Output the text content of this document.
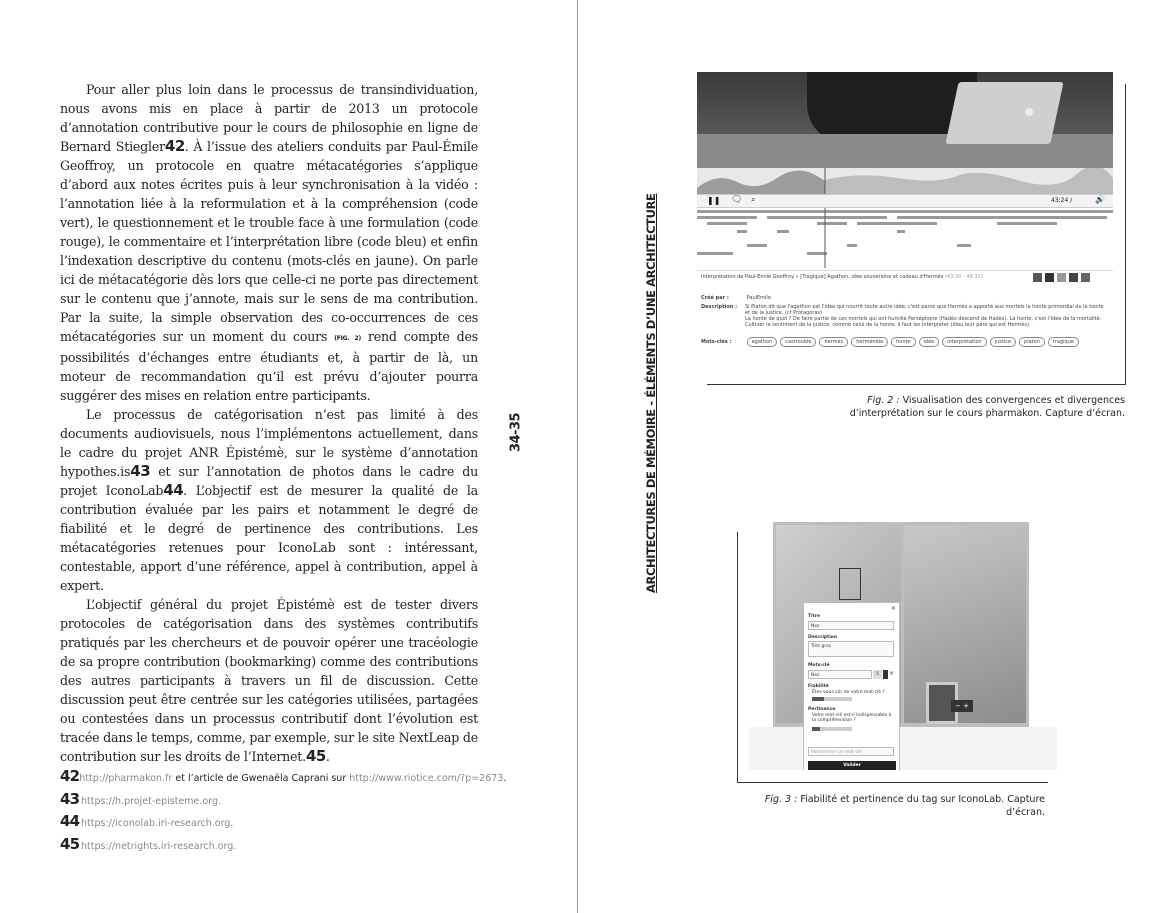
Pour aller plus loin dans le processus de transindividuation, nous avons mis en place à partir de 2013 un protocole d’annotation contributive pour le cours de philosophie en ligne de Bernard Stiegler42. À l’issue des ateliers conduits par Paul-Émile Geoffroy, un protocole en quatre métacatégories s’applique d’abord aux notes écrites puis à leur synchronisation à la vidéo : l’annotation liée à la reformulation et à la compréhension (code vert), le questionnement et le trouble face à une formulation (code rouge), le commentaire et l’interprétation libre (code bleu) et enfin l’indexation descriptive du contenu (mots-clés en jaune). On parle ici de métacatégorie dès lors que celle-ci ne porte pas directement sur le contenu que j’annote, mais sur le sens de ma contribution. Par la suite, la simple observation des co-occurrences de ces métacatégories sur un moment du cours (FIG. 2) rend compte des possibilités d’échanges entre étudiants et, à partir de là, un moteur de recommandation qu’il est prévu d’ajouter pourra suggérer des mises en relation entre participants.

Le processus de catégorisation n’est pas limité à des documents audiovisuels, nous l’implémentons actuellement, dans le cadre du projet ANR Épistémè, sur le système d’annotation hypothes.is43 et sur l’annotation de photos dans le cadre du projet IconoLab44. L’objectif est de mesurer la qualité de la contribution évaluée par les pairs et notamment le degré de fiabilité et le degré de pertinence des contributions. Les métacatégories retenues pour IconoLab sont : intéressant, contestable, apport d’une référence, appel à contribution, appel à expert.

L’objectif général du projet Épistémè est de tester divers protocoles de catégorisation dans des systèmes contributifs pratiqués par les chercheurs et de pouvoir opérer une tracéologie de sa propre contribution (bookmarking) comme des contributions des autres participants à travers un fil de discussion. Cette discussion peut être centrée sur les catégories utilisées, partagées ou contestées dans un processus contributif dont l’évolution est tracée dans le temps, comme, par exemple, sur le site NextLeap de contribution sur les droits de l’Internet.45.

42 http://pharmakon.fr et l’article de Gwenaëla Caprani sur http://www.riotice.com/?p=2673 .
43 https://h.projet-episteme.org .
44 https://iconolab.iri-research.org .
45 https://netrights.iri-research.org .
34-35	ARCHITECTURES DE MÉMOIRE - ÉLÉMENTS D’UNE ARCHITECTURE	❚❚ 🗨 ⌕	43:24 /	🔊
Interprétation de Paul-Emile Geoffroy » [Tragique] Agathon, idée souveraine et cadeau d'Hermès (43:20 - 49:31)
Créé par :	PaulEmile
Description :	Si Platon dit que l'agathon est l'idée qui nourrit toute autre idée, c'est parce que Hermès a apporté aux mortels la honte primordial de la honte et de la justice. (cf Protagoras)
La honte de quoi ? De faire partie de ces mortels qui ont humilié Perséphone (Hadès descend de Hadès). La honte, c'est l'idée de la mortalité.
Cultiver le sentiment de la justice, comme celui de la honte, il faut les interpréter (dieu leur père qui est Hermès).
Mots-clés :	agathon	castroubie	hermès	herménéia	honte	idée	interprétation	justice	platon	tragique
Fig. 2 : Visualisation des convergences et divergences
d’interprétation sur le cours pharmakon. Capture d’écran.
− +
×
Titre
Nez
Description
Trèz gros
Mots-clé
Nez	5	×
Fiabilité
Êtes-vous sûr de votre mot-clé ?
Pertinence
Votre mot-clé est-il indispensable à la compréhension ?
Rechercher un mot-clé
Valider
Fig. 3 : Fiabilité et pertinence du tag sur IconoLab. Capture d’écran.
